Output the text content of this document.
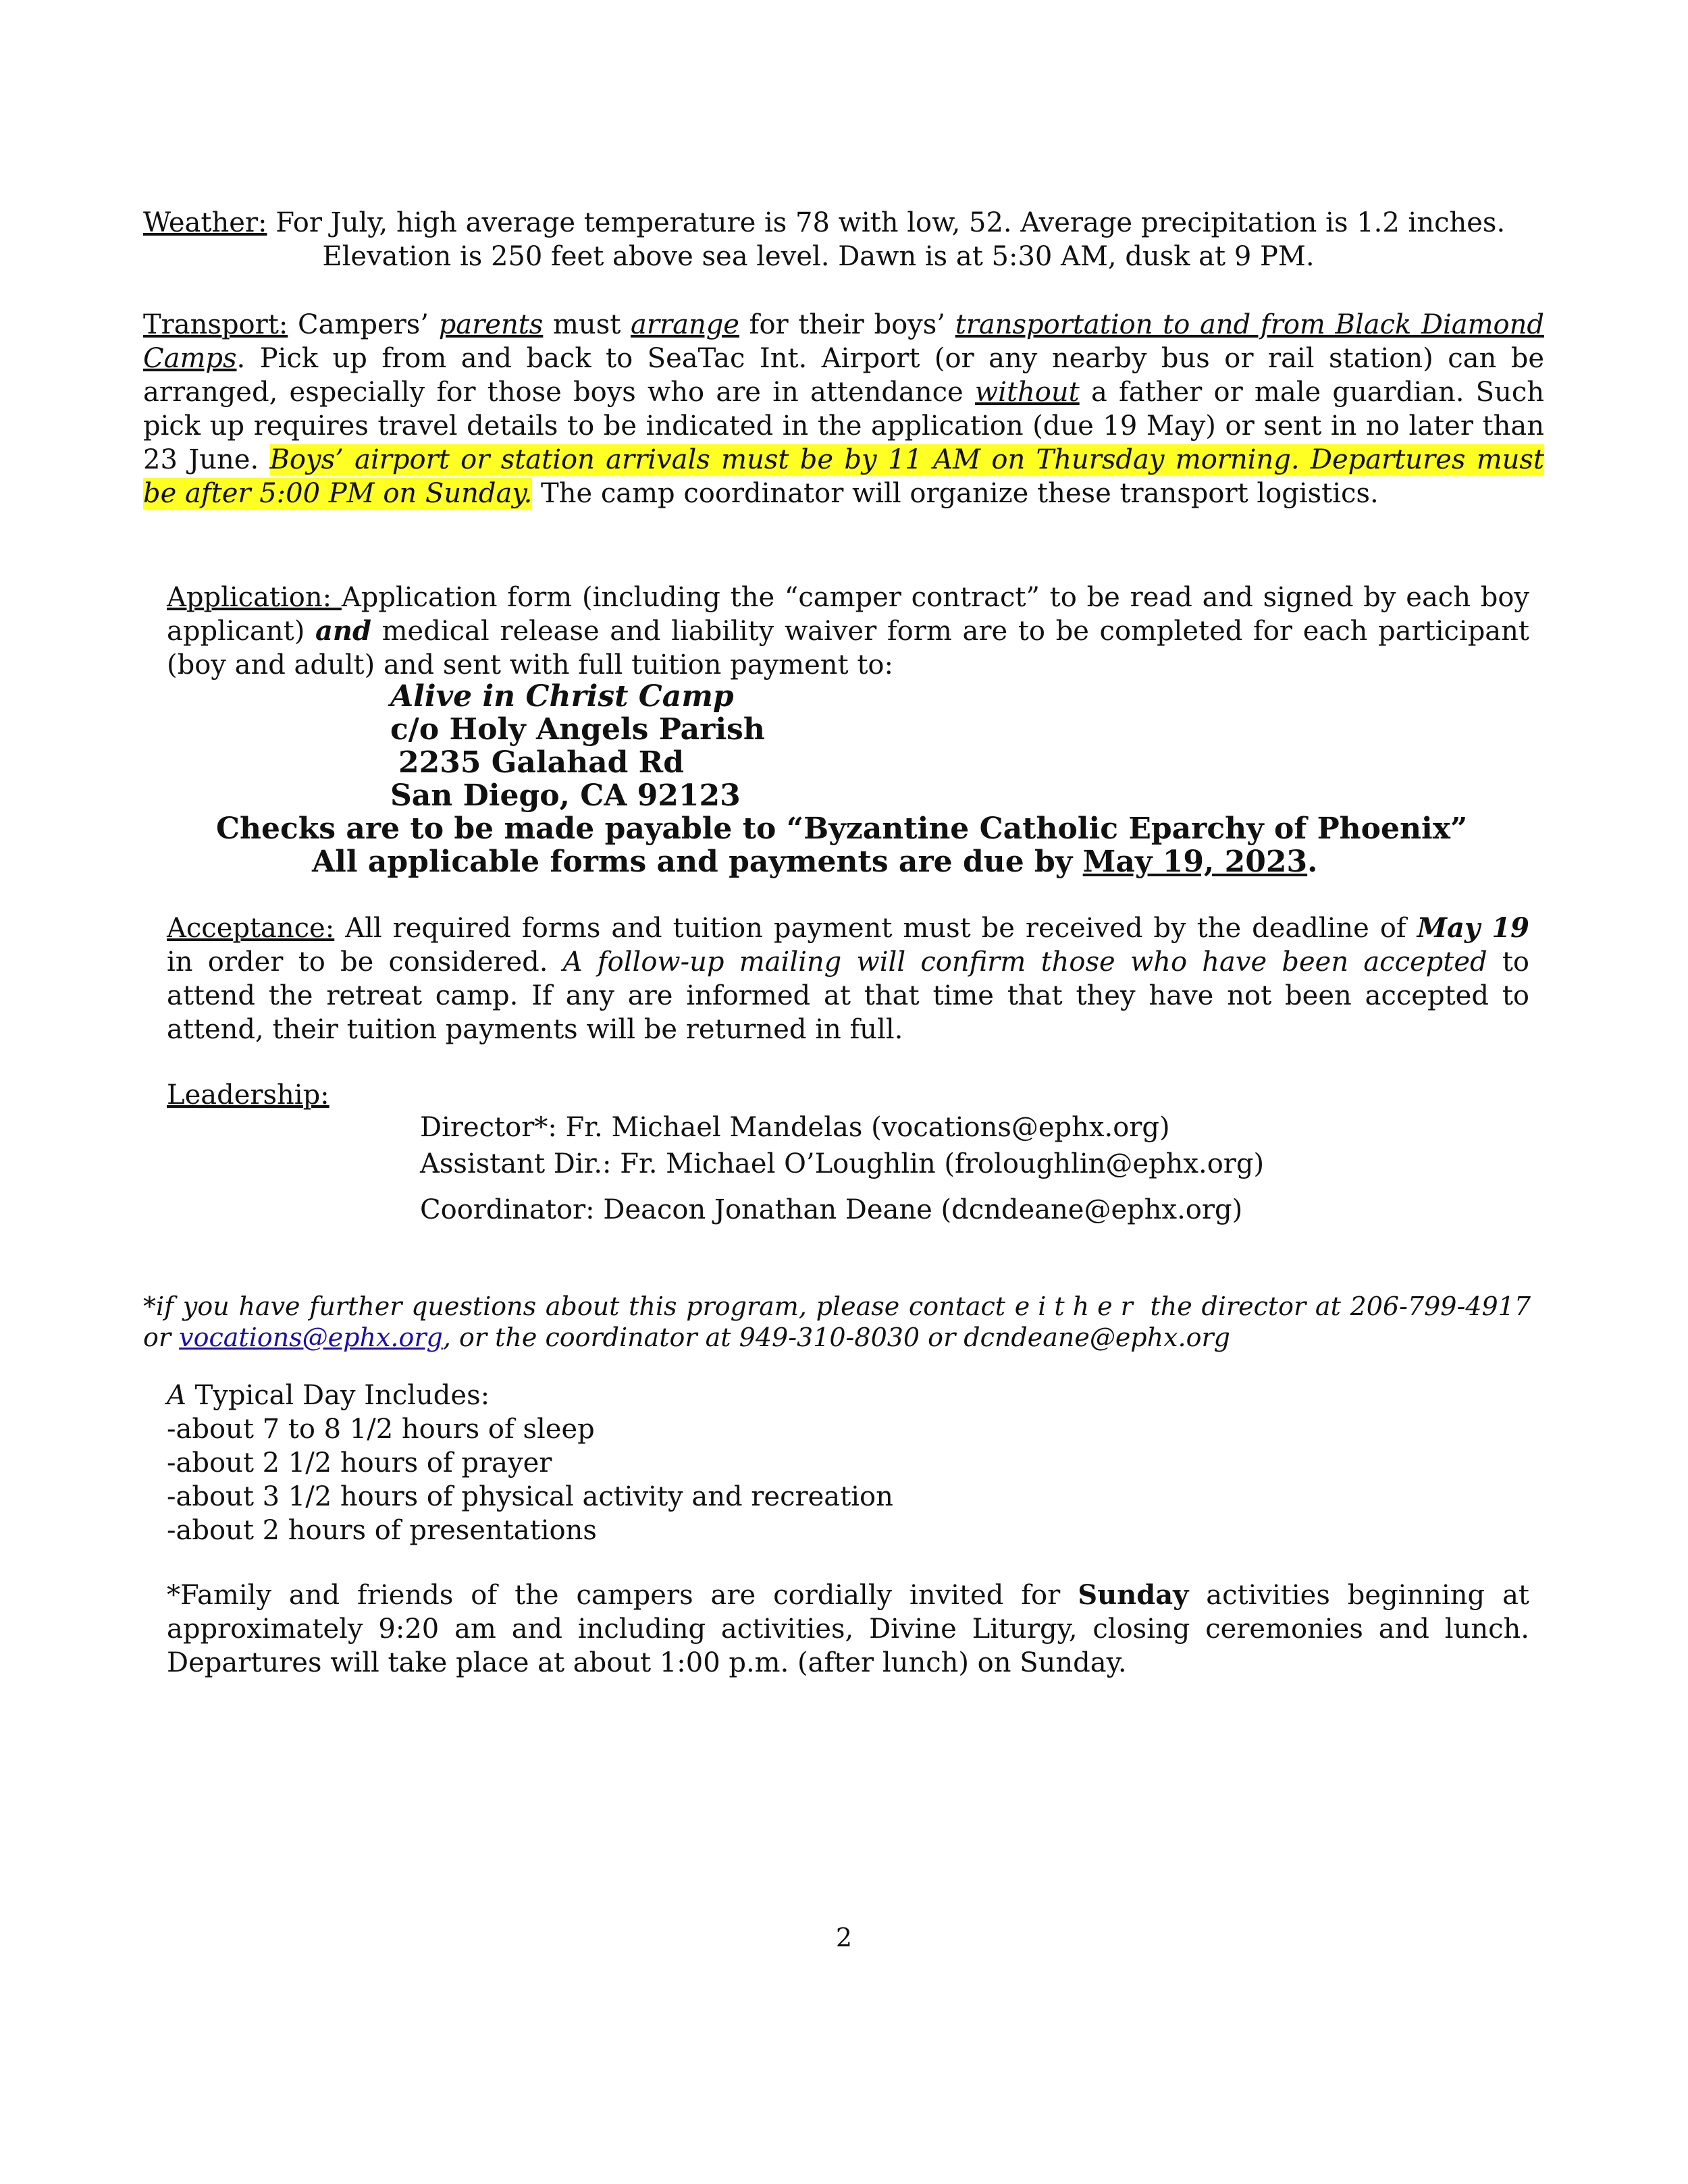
Weather: For July, high average temperature is 78 with low, 52. Average precipitation is 1.2 inches.
Elevation is 250 feet above sea level. Dawn is at 5:30 AM, dusk at 9 PM.
Transport: Campers’ parents must arrange for their boys’ transportation to and from Black Diamond Camps. Pick up from and back to SeaTac Int. Airport (or any nearby bus or rail station) can be arranged, especially for those boys who are in attendance without a father or male guardian. Such pick up requires travel details to be indicated in the application (due 19 May) or sent in no later than 23 June. Boys’ airport or station arrivals must be by 11 AM on Thursday morning. Departures must be after 5:00 PM on Sunday. The camp coordinator will organize these transport logistics.
Application: Application form (including the “camper contract” to be read and signed by each boy applicant) and medical release and liability waiver form are to be completed for each participant (boy and adult) and sent with full tuition payment to:
Alive in Christ Camp
c/o Holy Angels Parish
2235 Galahad Rd
San Diego, CA 92123
Checks are to be made payable to “Byzantine Catholic Eparchy of Phoenix”
All applicable forms and payments are due by May 19, 2023.
Acceptance: All required forms and tuition payment must be received by the deadline of May 19 in order to be considered. A follow-up mailing will confirm those who have been accepted to attend the retreat camp. If any are informed at that time that they have not been accepted to attend, their tuition payments will be returned in full.
Leadership:
Director*: Fr. Michael Mandelas (vocations@ephx.org)
Assistant Dir.: Fr. Michael O’Loughlin (froloughlin@ephx.org)
Coordinator: Deacon Jonathan Deane (dcndeane@ephx.org)
*if you have further questions about this program, please contact either the director at 206-799-4917 or vocations@ephx.org, or the coordinator at 949-310-8030 or dcndeane@ephx.org
A Typical Day Includes:
-about 7 to 8 1/2 hours of sleep
-about 2 1/2 hours of prayer
-about 3 1/2 hours of physical activity and recreation
-about 2 hours of presentations
*Family and friends of the campers are cordially invited for Sunday activities beginning at approximately 9:20 am and including activities, Divine Liturgy, closing ceremonies and lunch. Departures will take place at about 1:00 p.m. (after lunch) on Sunday.
2
